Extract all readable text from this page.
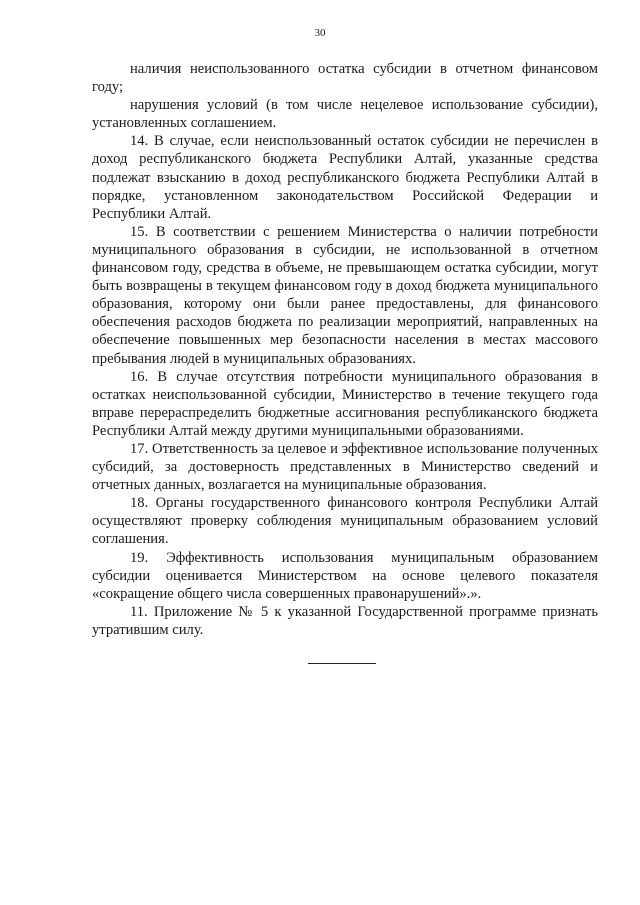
30

наличия неиспользованного остатка субсидии в отчетном финансовом году;

нарушения условий (в том числе нецелевое использование субсидии), установленных соглашением.

14. В случае, если неиспользованный остаток субсидии не перечислен в доход республиканского бюджета Республики Алтай, указанные средства подлежат взысканию в доход республиканского бюджета Республики Алтай в порядке, установленном законодательством Российской Федерации и Республики Алтай.

15. В соответствии с решением Министерства о наличии потребности муниципального образования в субсидии, не использованной в отчетном финансовом году, средства в объеме, не превышающем остатка субсидии, могут быть возвращены в текущем финансовом году в доход бюджета муниципального образования, которому они были ранее предоставлены, для финансового обеспечения расходов бюджета по реализации мероприятий, направленных на обеспечение повышенных мер безопасности населения в местах массового пребывания людей в муниципальных образованиях.

16. В случае отсутствия потребности муниципального образования в остатках неиспользованной субсидии, Министерство в течение текущего года вправе перераспределить бюджетные ассигнования республиканского бюджета Республики Алтай между другими муниципальными образованиями.

17. Ответственность за целевое и эффективное использование полученных субсидий, за достоверность представленных в Министерство сведений и отчетных данных, возлагается на муниципальные образования.

18. Органы государственного финансового контроля Республики Алтай осуществляют проверку соблюдения муниципальным образованием условий соглашения.

19. Эффективность использования муниципальным образованием субсидии оценивается Министерством на основе целевого показателя «сокращение общего числа совершенных правонарушений».».

11. Приложение № 5 к указанной Государственной программе признать утратившим силу.
